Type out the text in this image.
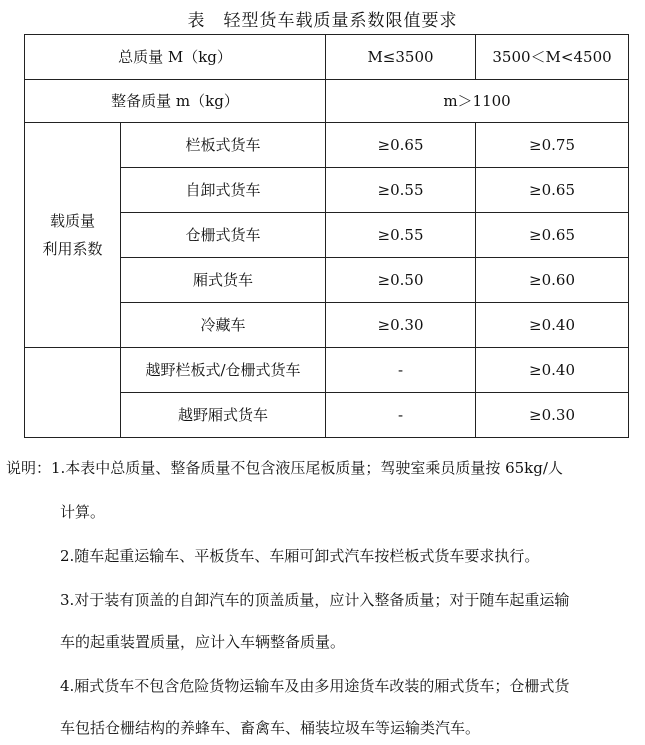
表　轻型货车载质量系数限值要求
总质量 M（kg）		M≤3500	3500＜M<4500
整备质量 m（kg）		m＞1100	
载质量
利用系数	栏板式货车	≥0.65	≥0.75
	自卸式货车	≥0.55	≥0.65
	仓栅式货车	≥0.55	≥0.65
	厢式货车	≥0.50	≥0.60
	冷藏车	≥0.30	≥0.40
	越野栏板式/仓栅式货车	-	≥0.40
	越野厢式货车	-	≥0.30
说明：1.本表中总质量、整备质量不包含液压尾板质量；驾驶室乘员质量按 65kg/人
计算。
2.随车起重运输车、平板货车、车厢可卸式汽车按栏板式货车要求执行。
3.对于装有顶盖的自卸汽车的顶盖质量，应计入整备质量；对于随车起重运输
车的起重装置质量，应计入车辆整备质量。
4.厢式货车不包含危险货物运输车及由多用途货车改装的厢式货车；仓栅式货
车包括仓栅结构的养蜂车、畜禽车、桶装垃圾车等运输类汽车。
